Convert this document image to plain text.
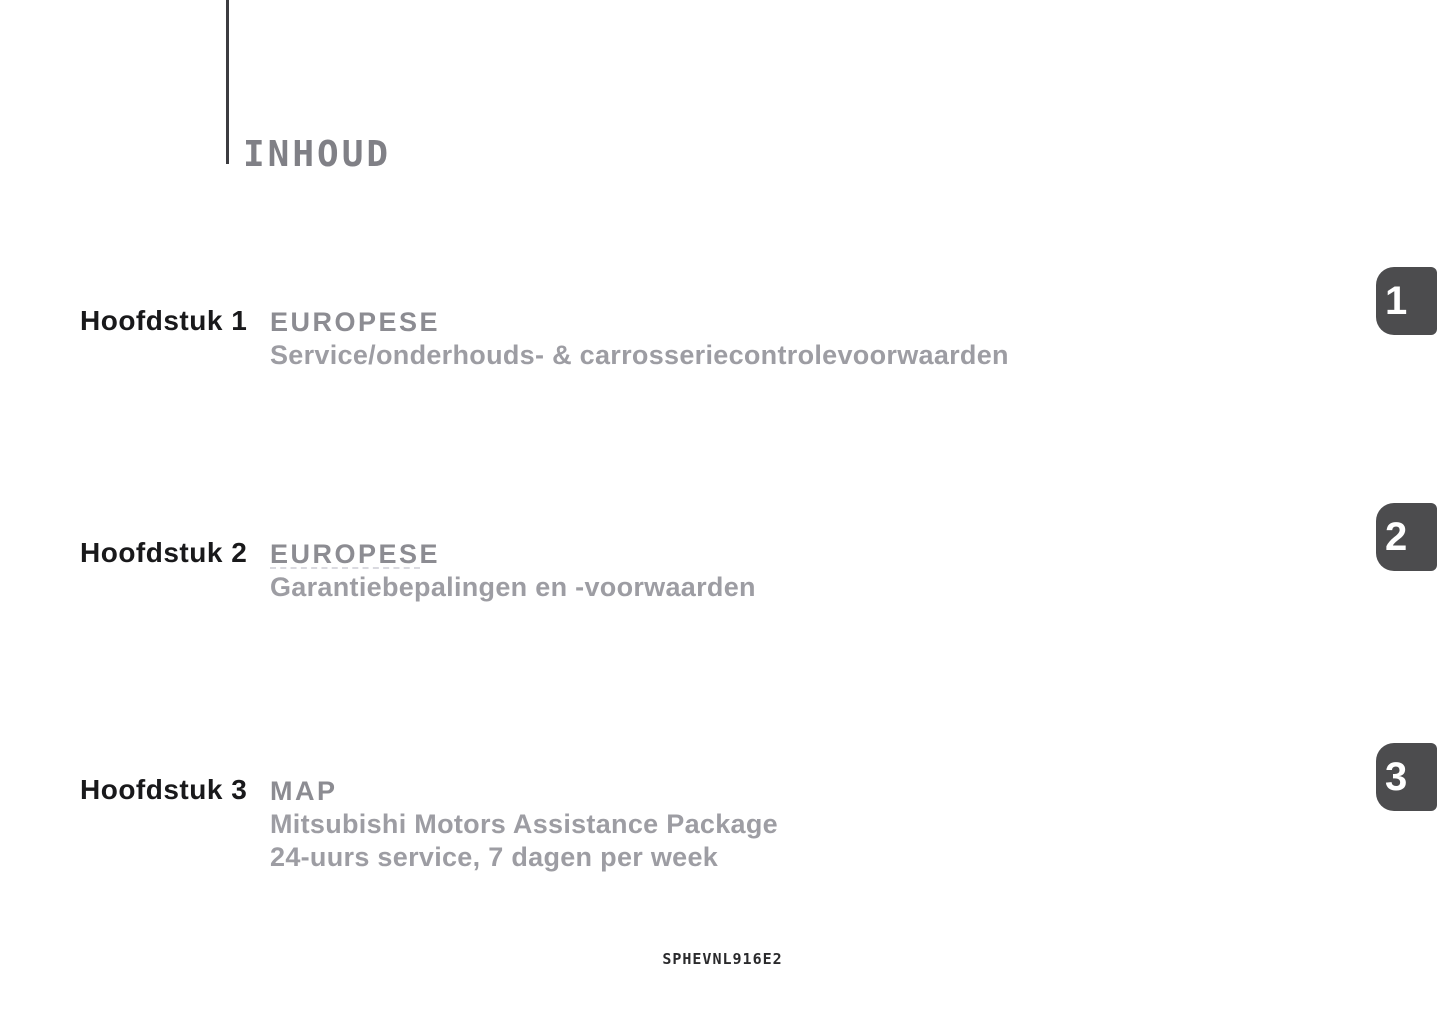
INHOUD
Hoofdstuk 1 EUROPESE
Service/onderhouds- & carrosseriecontrolevoorwaarden
Hoofdstuk 2 EUROPESE
Garantiebepalingen en -voorwaarden
Hoofdstuk 3 MAP
Mitsubishi Motors Assistance Package
24-uurs service, 7 dagen per week
1
2
3
SPHEVNL916E2
